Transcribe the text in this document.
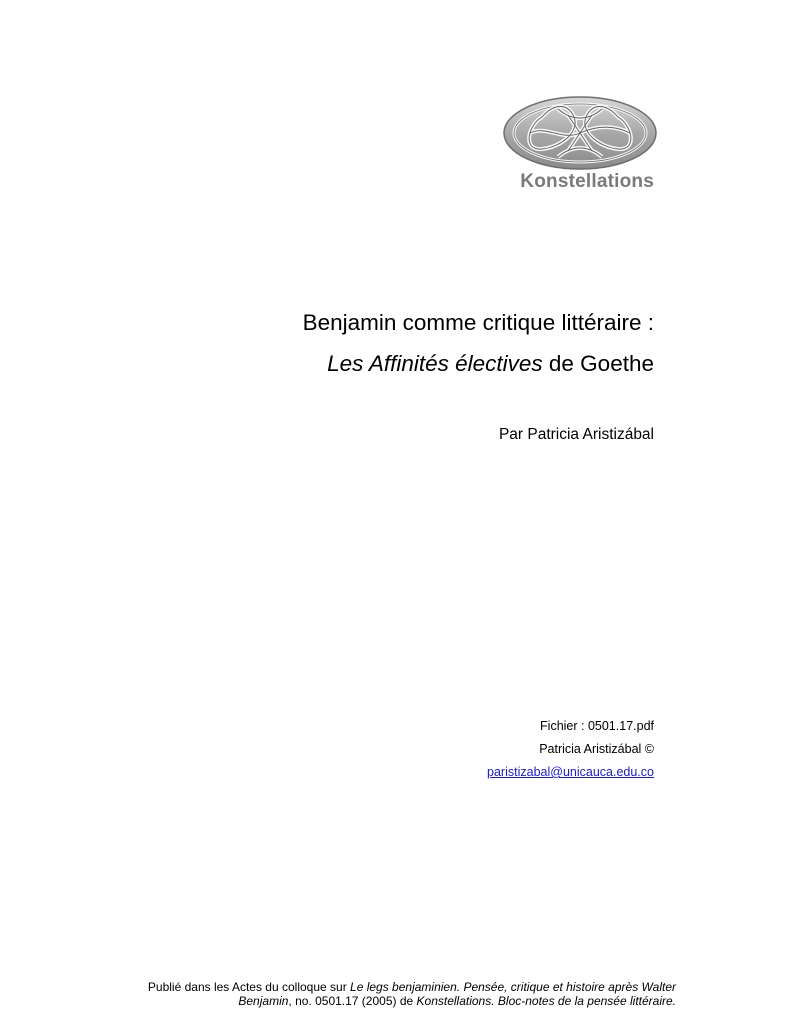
Konstellations
Benjamin comme critique littéraire :
Les Affinités électives de Goethe
Par Patricia Aristizábal
Fichier : 0501.17.pdf
Patricia Aristizábal ©
paristizabal@unicauca.edu.co
Publié dans les Actes du colloque sur Le legs benjaminien. Pensée, critique et histoire après Walter
Benjamin, no. 0501.17 (2005) de Konstellations. Bloc-notes de la pensée littéraire.
